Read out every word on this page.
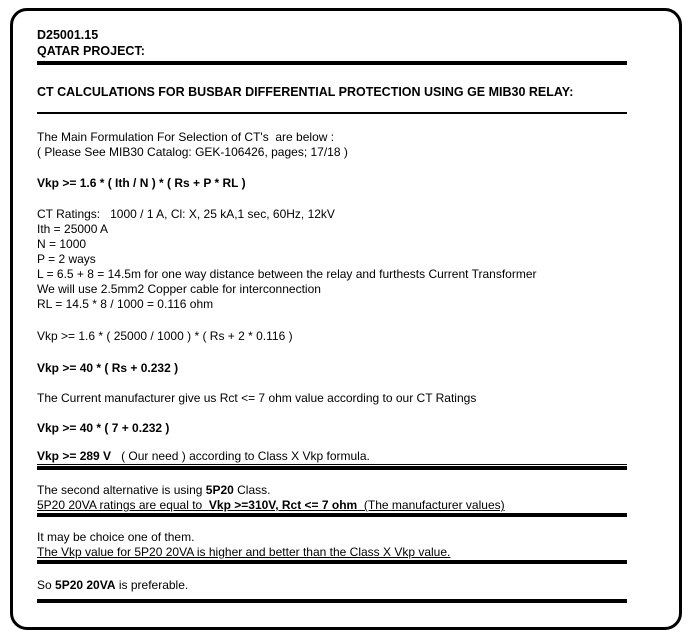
D25001.15

QATAR PROJECT:

CT CALCULATIONS FOR BUSBAR DIFFERENTIAL PROTECTION USING GE MIB30 RELAY:

The Main Formulation For Selection of CT's  are below :

( Please See MIB30 Catalog: GEK-106426, pages; 17/18 )

Vkp >= 1.6 * ( Ith / N ) * ( Rs + P * RL )

CT Ratings:   1000 / 1 A, Cl: X, 25 kA,1 sec, 60Hz, 12kV

Ith = 25000 A

N = 1000

P = 2 ways

L = 6.5 + 8 = 14.5m for one way distance between the relay and furthests Current Transformer

We will use 2.5mm2 Copper cable for interconnection

RL = 14.5 * 8 / 1000 = 0.116 ohm

Vkp >= 1.6 * ( 25000 / 1000 ) * ( Rs + 2 * 0.116 )

Vkp >= 40 * ( Rs + 0.232 )

The Current manufacturer give us Rct <= 7 ohm value according to our CT Ratings

Vkp >= 40 * ( 7 + 0.232 )

Vkp >= 289 V   ( Our need ) according to Class X Vkp formula.

The second alternative is using 5P20 Class.

5P20 20VA ratings are equal to  Vkp >=310V, Rct <= 7 ohm  (The manufacturer values)

It may be choice one of them.

The Vkp value for 5P20 20VA is higher and better than the Class X Vkp value.

So 5P20 20VA is preferable.
